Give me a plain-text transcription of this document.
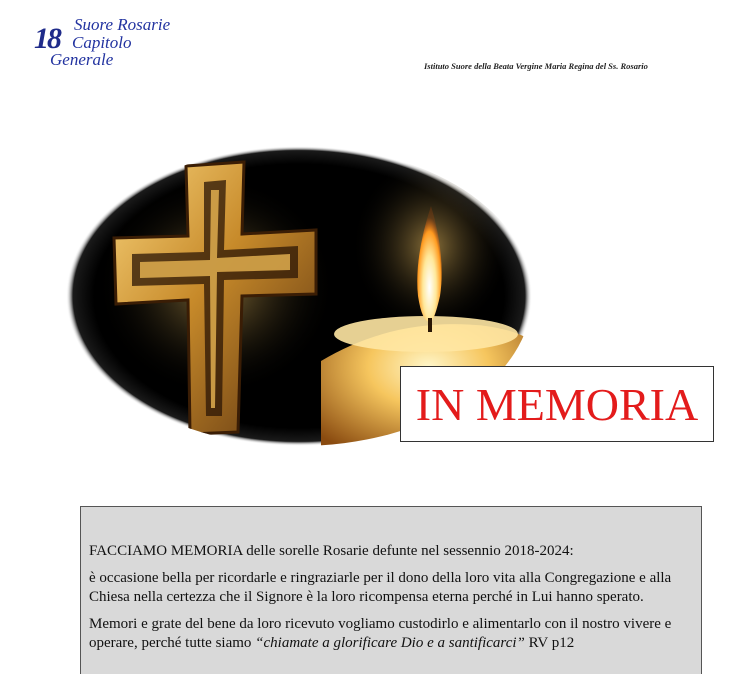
18 Suore Rosarie
Capitolo
Generale	Istituto Suore della Beata Vergine Maria Regina del Ss. Rosario
IN MEMORIA

FACCIAMO MEMORIA delle sorelle Rosarie defunte nel sessennio 2018-2024:

è occasione bella per ricordarle e ringraziarle per il dono della loro vita alla Congregazione e alla Chiesa nella certezza che il Signore è la loro ricompensa eterna perché in Lui hanno sperato.

Memori e grate del bene da loro ricevuto vogliamo custodirlo e alimentarlo con il nostro vivere e operare, perché tutte siamo “chiamate a glorificare Dio e a santificarci” RV p12
